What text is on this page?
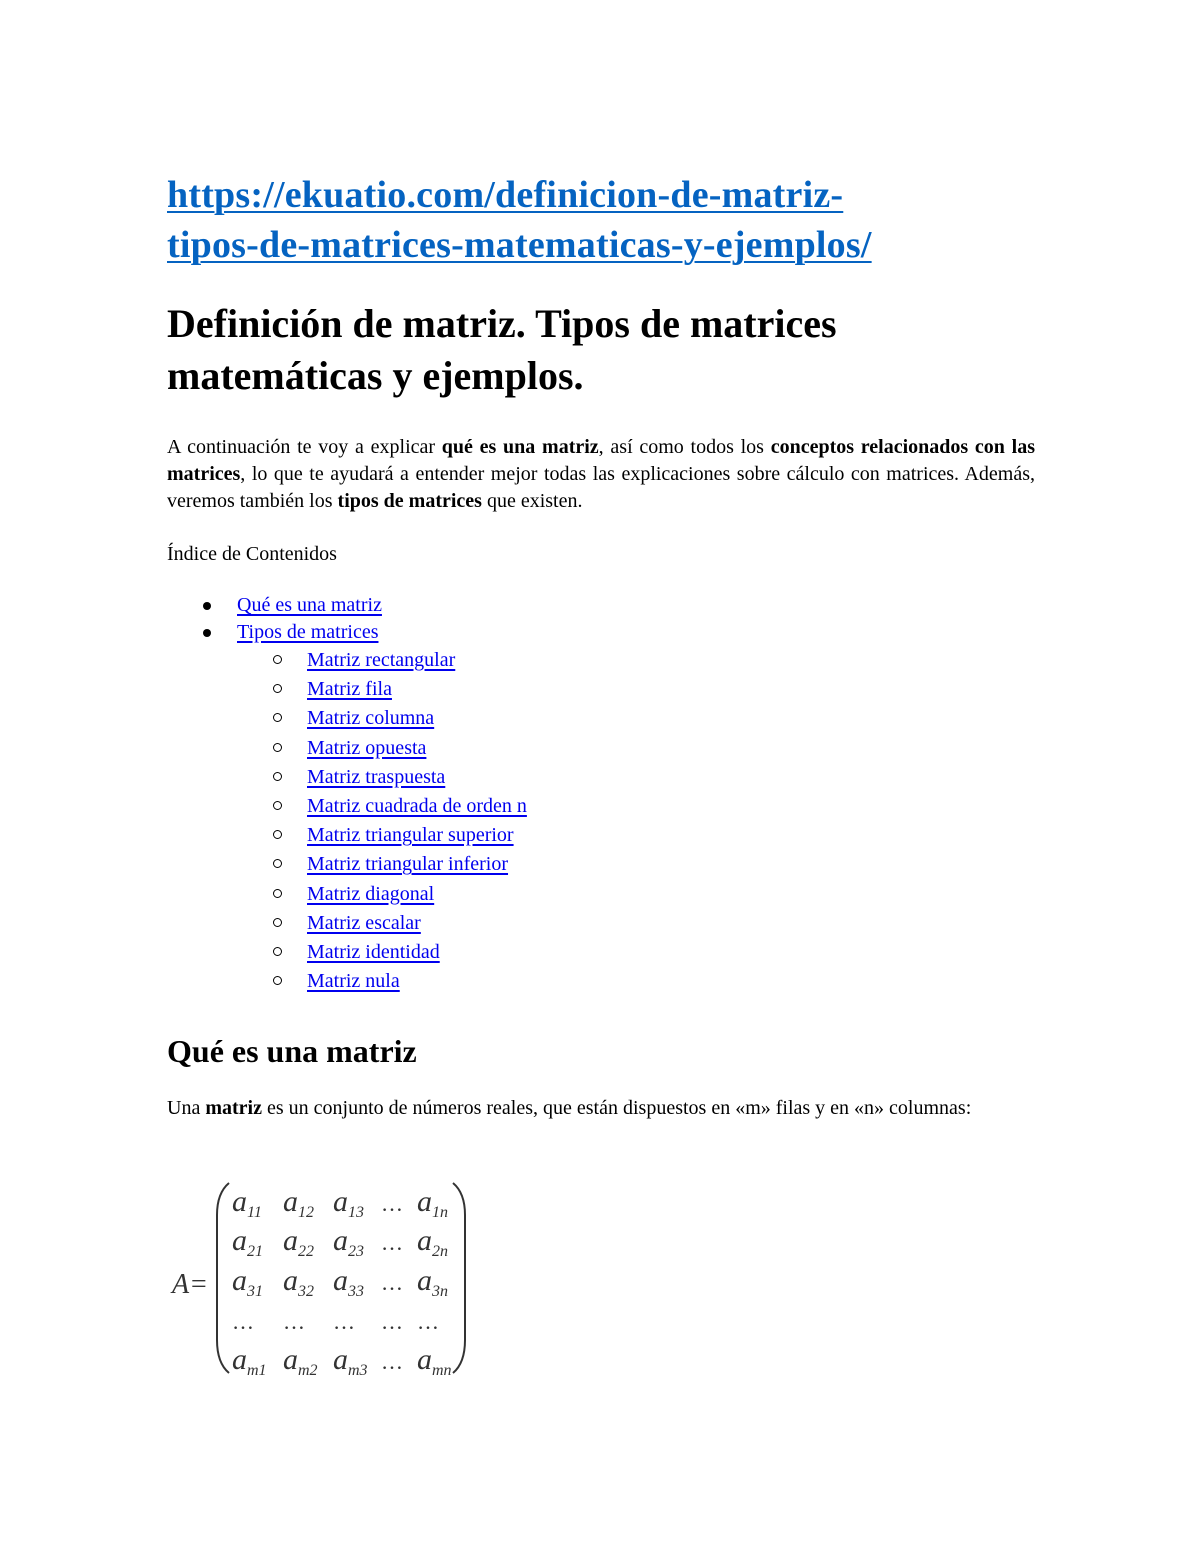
https://ekuatio.com/definicion-de-matriz-
tipos-de-matrices-matematicas-y-ejemplos/
Definición de matriz. Tipos de matrices
matemáticas y ejemplos.

A continuación te voy a explicar qué es una matriz, así como todos los conceptos relacionados con las matrices, lo que te ayudará a entender mejor todas las explicaciones sobre cálculo con matrices. Además, veremos también los tipos de matrices que existen.

Índice de Contenidos

Qué es una matriz
Tipos de matrices
Matriz rectangular
Matriz fila
Matriz columna
Matriz opuesta
Matriz traspuesta
Matriz cuadrada de orden n
Matriz triangular superior
Matriz triangular inferior
Matriz diagonal
Matriz escalar
Matriz identidad
Matriz nula
Qué es una matriz

Una matriz es un conjunto de números reales, que están dispuestos en «m» filas y en «n» columnas:

A=
a11 a12 a13 … a1n
a21 a22 a23 … a2n
a31 a32 a33 … a3n
… … … … …
am1 am2 am3 … amn
